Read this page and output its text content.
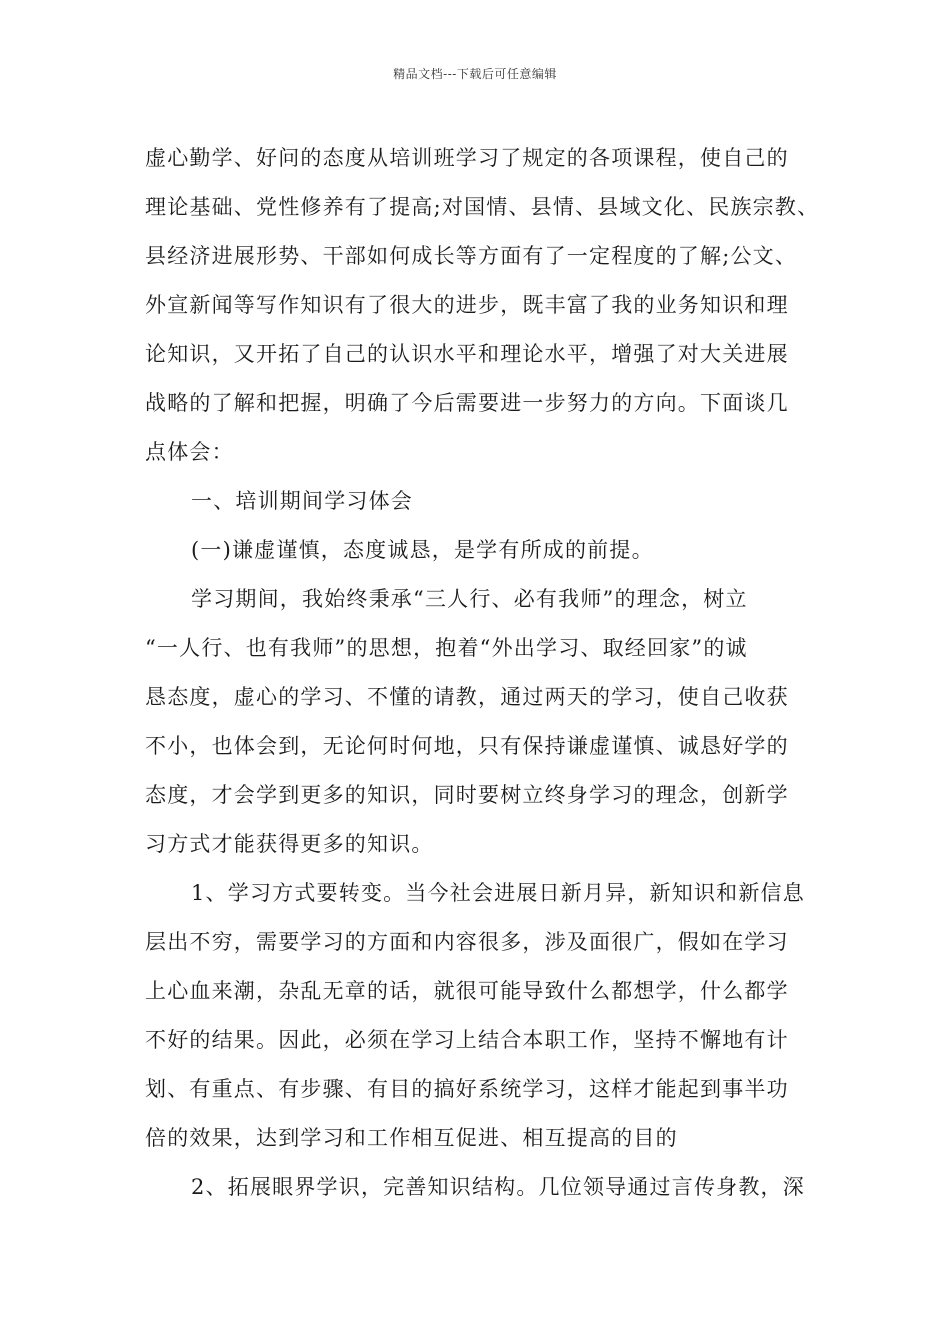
精品文档---下载后可任意编辑
虚心勤学、好问的态度从培训班学习了规定的各项课程，使自己的
理论基础、党性修养有了提高;对国情、县情、县域文化、民族宗教、
县经济进展形势、干部如何成长等方面有了一定程度的了解;公文、
外宣新闻等写作知识有了很大的进步，既丰富了我的业务知识和理
论知识，又开拓了自己的认识水平和理论水平，增强了对大关进展
战略的了解和把握，明确了今后需要进一步努力的方向。下面谈几
点体会：
一、培训期间学习体会
(一)谦虚谨慎，态度诚恳，是学有所成的前提。
学习期间，我始终秉承“三人行、必有我师”的理念，树立
“一人行、也有我师”的思想，抱着“外出学习、取经回家”的诚
恳态度，虚心的学习、不懂的请教，通过两天的学习，使自己收获
不小，也体会到，无论何时何地，只有保持谦虚谨慎、诚恳好学的
态度，才会学到更多的知识，同时要树立终身学习的理念，创新学
习方式才能获得更多的知识。
1、学习方式要转变。当今社会进展日新月异，新知识和新信息
层出不穷，需要学习的方面和内容很多，涉及面很广，假如在学习
上心血来潮，杂乱无章的话，就很可能导致什么都想学，什么都学
不好的结果。因此，必须在学习上结合本职工作，坚持不懈地有计
划、有重点、有步骤、有目的搞好系统学习，这样才能起到事半功
倍的效果，达到学习和工作相互促进、相互提高的目的
2、拓展眼界学识，完善知识结构。几位领导通过言传身教，深
